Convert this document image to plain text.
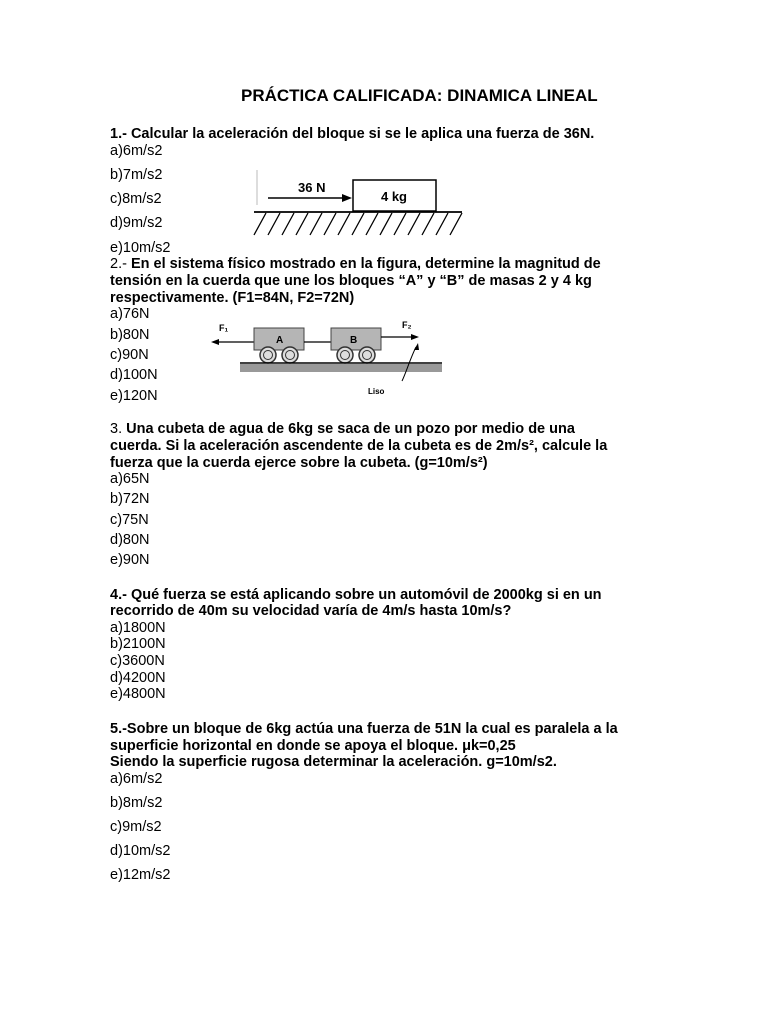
PRÁCTICA CALIFICADA: DINAMICA LINEAL
1.- Calcular la aceleración del bloque si se le aplica una fuerza de 36N.
a)6m/s2
b)7m/s2
c)8m/s2
d)9m/s2
e)10m/s2
36 N
4 kg
2.- En el sistema físico mostrado en la figura, determine la magnitud de
tensión en la cuerda que une los bloques “A” y “B” de masas 2 y 4 kg
respectivamente. (F1=84N, F2=72N)
a)76N
b)80N
c)90N
d)100N
e)120N
F₁
A	B
F₂
Liso
3. Una cubeta de agua de 6kg se saca de un pozo por medio de una
cuerda. Si la aceleración ascendente de la cubeta es de 2m/s², calcule la
fuerza que la cuerda ejerce sobre la cubeta. (g=10m/s²)
a)65N
b)72N
c)75N
d)80N
e)90N
4.- Qué fuerza se está aplicando sobre un automóvil de 2000kg si en un
recorrido de 40m su velocidad varía de 4m/s hasta 10m/s?
a)1800N
b)2100N
c)3600N
d)4200N
e)4800N
5.-Sobre un bloque de 6kg actúa una fuerza de 51N la cual es paralela a la
superficie horizontal en donde se apoya el bloque. μk=0,25
Siendo la superficie rugosa determinar la aceleración. g=10m/s2.
a)6m/s2
b)8m/s2
c)9m/s2
d)10m/s2
e)12m/s2
